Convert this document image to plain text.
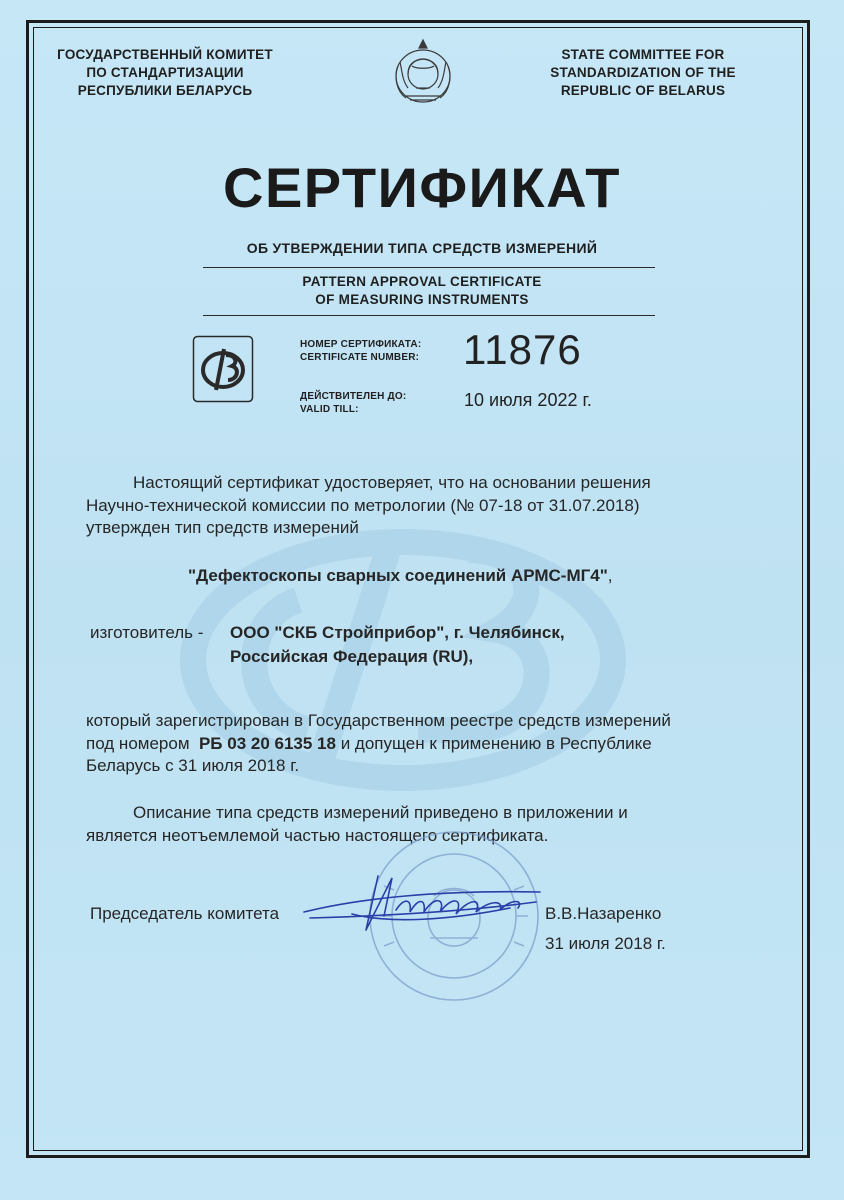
ГОСУДАРСТВЕННЫЙ КОМИТЕТ
ПО СТАНДАРТИЗАЦИИ
РЕСПУБЛИКИ БЕЛАРУСЬ
STATE COMMITTEE FOR
STANDARDIZATION OF THE
REPUBLIC OF BELARUS
СЕРТИФИКАТ
ОБ УТВЕРЖДЕНИИ ТИПА СРЕДСТВ ИЗМЕРЕНИЙ
PATTERN APPROVAL CERTIFICATE
OF MEASURING INSTRUMENTS
НОМЕР СЕРТИФИКАТА:
CERTIFICATE NUMBER: 11876
ДЕЙСТВИТЕЛЕН ДО:
VALID TILL:	10 июля 2022 г.
Настоящий сертификат удостоверяет, что на основании решения
Научно-технической комиссии по метрологии (№ 07-18 от 31.07.2018)
утвержден тип средств измерений
"Дефектоскопы сварных соединений АРМС-МГ4",
изготовитель - ООО "СКБ Стройприбор", г. Челябинск,
Российская Федерация (RU),
который зарегистрирован в Государственном реестре средств измерений
под номером РБ 03 20 6135 18 и допущен к применению в Республике
Беларусь с 31 июля 2018 г.
Описание типа средств измерений приведено в приложении и
является неотъемлемой частью настоящего сертификата.
Председатель комитета	В.В.Назаренко
31 июля 2018 г.
